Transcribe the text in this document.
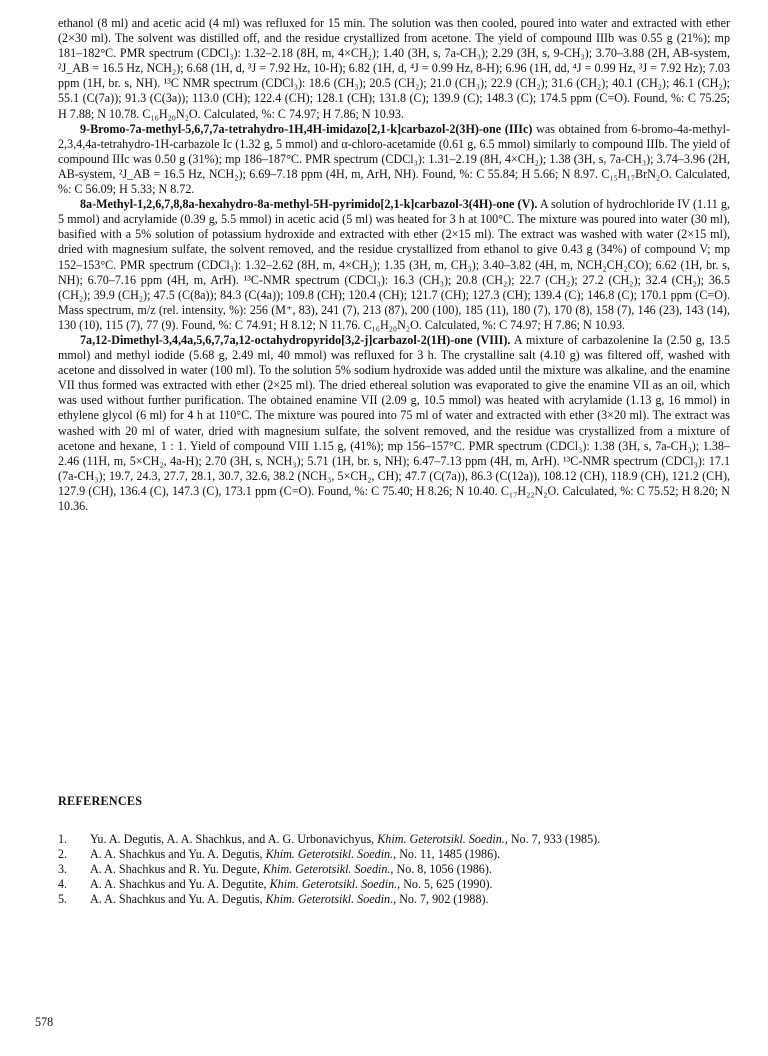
ethanol (8 ml) and acetic acid (4 ml) was refluxed for 15 min. The solution was then cooled, poured into water and extracted with ether (2×30 ml). The solvent was distilled off, and the residue crystallized from acetone. The yield of compound IIIb was 0.55 g (21%); mp 181–182°C. PMR spectrum (CDCl₃): 1.32–2.18 (8H, m, 4×CH₂); 1.40 (3H, s, 7a-CH₃); 2.29 (3H, s, 9-CH₃); 3.70–3.88 (2H, AB-system, ²J_AB = 16.5 Hz, NCH₂); 6.68 (1H, d, ³J = 7.92 Hz, 10-H); 6.82 (1H, d, ⁴J = 0.99 Hz, 8-H); 6.96 (1H, dd, ⁴J = 0.99 Hz, ³J = 7.92 Hz); 7.03 ppm (1H, br. s, NH). ¹³C NMR spectrum (CDCl₃): 18.6 (CH₃); 20.5 (CH₂); 21.0 (CH₃); 22.9 (CH₂); 31.6 (CH₂); 40.1 (CH₂); 46.1 (CH₂); 55.1 (C(7a)); 91.3 (C(3a)); 113.0 (CH); 122.4 (CH); 128.1 (CH); 131.8 (C); 139.9 (C); 148.3 (C); 174.5 ppm (C=O). Found, %: C 75.25; H 7.88; N 10.78. C₁₆H₂₀N₂O. Calculated, %: C 74.97; H 7.86; N 10.93.

9-Bromo-7a-methyl-5,6,7,7a-tetrahydro-1H,4H-imidazo[2,1-k]carbazol-2(3H)-one (IIIc) was obtained from 6-bromo-4a-methyl-2,3,4,4a-tetrahydro-1H-carbazole Ic (1.32 g, 5 mmol) and α-chloro-acetamide (0.61 g, 6.5 mmol) similarly to compound IIIb. The yield of compound IIIc was 0.50 g (31%); mp 186–187°C. PMR spectrum (CDCl₃): 1.31–2.19 (8H, 4×CH₂); 1.38 (3H, s, 7a-CH₃); 3.74–3.96 (2H, AB-system, ²J_AB = 16.5 Hz, NCH₂); 6.69–7.18 ppm (4H, m, ArH, NH). Found, %: C 55.84; H 5.66; N 8.97. C₁₅H₁₇BrN₂O. Calculated, %: C 56.09; H 5.33; N 8.72.

8a-Methyl-1,2,6,7,8,8a-hexahydro-8a-methyl-5H-pyrimido[2,1-k]carbazol-3(4H)-one (V). A solution of hydrochloride IV (1.11 g, 5 mmol) and acrylamide (0.39 g, 5.5 mmol) in acetic acid (5 ml) was heated for 3 h at 100°C. The mixture was poured into water (30 ml), basified with a 5% solution of potassium hydroxide and extracted with ether (2×15 ml). The extract was washed with water (2×15 ml), dried with magnesium sulfate, the solvent removed, and the residue crystallized from ethanol to give 0.43 g (34%) of compound V; mp 152–153°C. PMR spectrum (CDCl₃): 1.32–2.62 (8H, m, 4×CH₂); 1.35 (3H, m, CH₃); 3.40–3.82 (4H, m, NCH₂CH₂CO); 6.62 (1H, br. s, NH); 6.70–7.16 ppm (4H, m, ArH). ¹³C-NMR spectrum (CDCl₃): 16.3 (CH₃); 20.8 (CH₂); 22.7 (CH₂); 27.2 (CH₂); 32.4 (CH₂); 36.5 (CH₂); 39.9 (CH₂); 47.5 (C(8a)); 84.3 (C(4a)); 109.8 (CH); 120.4 (CH); 121.7 (CH); 127.3 (CH); 139.4 (C); 146.8 (C); 170.1 ppm (C=O). Mass spectrum, m/z (rel. intensity, %): 256 (M⁺, 83), 241 (7), 213 (87), 200 (100), 185 (11), 180 (7), 170 (8), 158 (7), 146 (23), 143 (14), 130 (10), 115 (7), 77 (9). Found, %: C 74.91; H 8.12; N 11.76. C₁₆H₂₀N₂O. Calculated, %: C 74.97; H 7.86; N 10.93.

7a,12-Dimethyl-3,4,4a,5,6,7,7a,12-octahydropyrido[3,2-j]carbazol-2(1H)-one (VIII). A mixture of carbazolenine Ia (2.50 g, 13.5 mmol) and methyl iodide (5.68 g, 2.49 ml, 40 mmol) was refluxed for 3 h. The crystalline salt (4.10 g) was filtered off, washed with acetone and dissolved in water (100 ml). To the solution 5% sodium hydroxide was added until the mixture was alkaline, and the enamine VII thus formed was extracted with ether (2×25 ml). The dried ethereal solution was evaporated to give the enamine VII as an oil, which was used without further purification. The obtained enamine VII (2.09 g, 10.5 mmol) was heated with acrylamide (1.13 g, 16 mmol) in ethylene glycol (6 ml) for 4 h at 110°C. The mixture was poured into 75 ml of water and extracted with ether (3×20 ml). The extract was washed with 20 ml of water, dried with magnesium sulfate, the solvent removed, and the residue was crystallized from a mixture of acetone and hexane, 1 : 1. Yield of compound VIII 1.15 g, (41%); mp 156–157°C. PMR spectrum (CDCl₃): 1.38 (3H, s, 7a-CH₃); 1.38–2.46 (11H, m, 5×CH₂, 4a-H); 2.70 (3H, s, NCH₃); 5.71 (1H, br. s, NH); 6.47–7.13 ppm (4H, m, ArH). ¹³C-NMR spectrum (CDCl₃): 17.1 (7a-CH₃); 19.7, 24.3, 27.7, 28.1, 30.7, 32.6, 38.2 (NCH₃, 5×CH₂, CH); 47.7 (C(7a)), 86.3 (C(12a)), 108.12 (CH), 118.9 (CH), 121.2 (CH), 127.9 (CH), 136.4 (C), 147.3 (C), 173.1 ppm (C=O). Found, %: C 75.40; H 8.26; N 10.40. C₁₇H₂₂N₂O. Calculated, %: C 75.52; H 8.20; N 10.36.

REFERENCES
1.	Yu. A. Degutis, A. A. Shachkus, and A. G. Urbonavichyus, Khim. Geterotsikl. Soedin., No. 7, 933 (1985).
2.	A. A. Shachkus and Yu. A. Degutis, Khim. Geterotsikl. Soedin., No. 11, 1485 (1986).
3.	A. A. Shachkus and R. Yu. Degute, Khim. Geterotsikl. Soedin., No. 8, 1056 (1986).
4.	A. A. Shachkus and Yu. A. Degutite, Khim. Geterotsikl. Soedin., No. 5, 625 (1990).
5.	A. A. Shachkus and Yu. A. Degutis, Khim. Geterotsikl. Soedin., No. 7, 902 (1988).
578
